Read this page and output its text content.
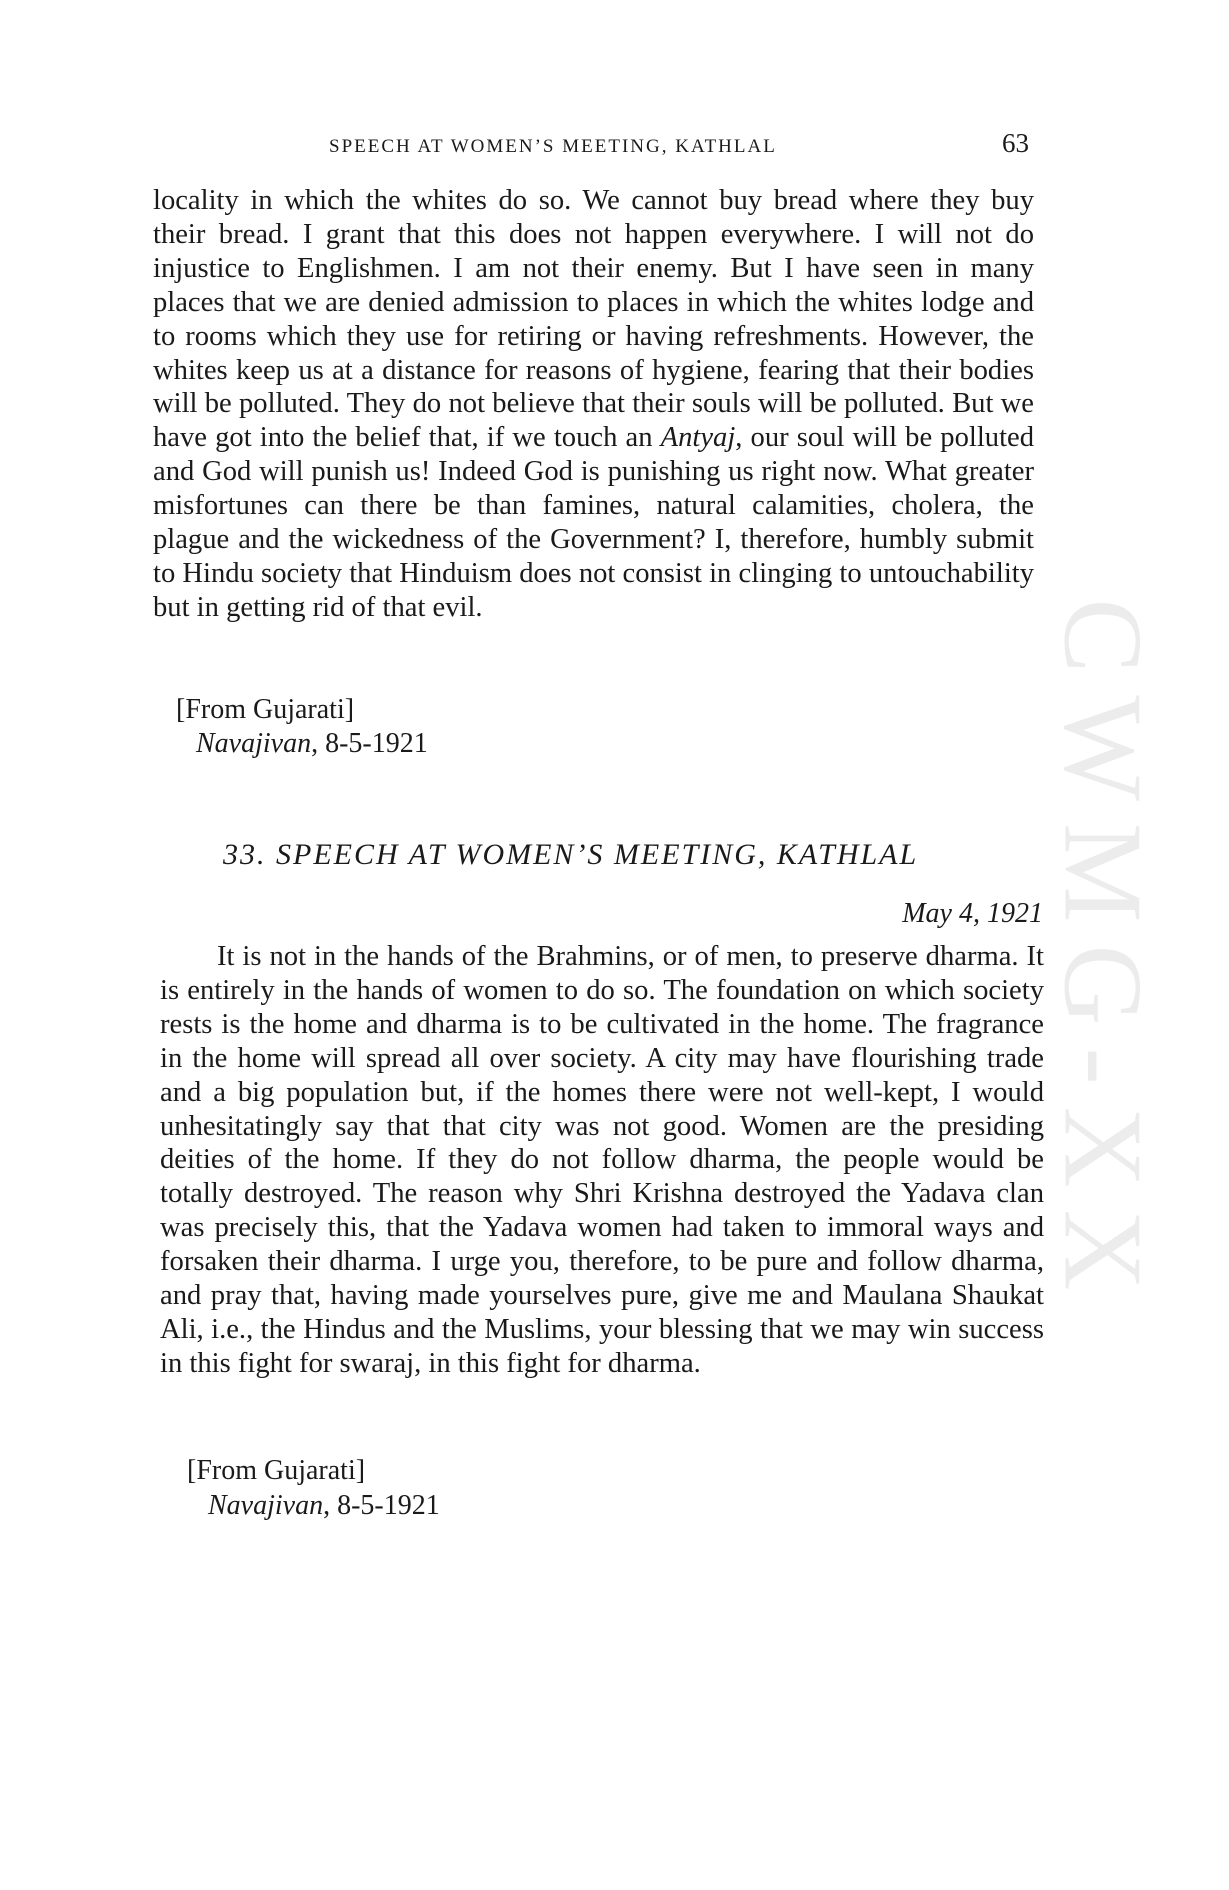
CWMG-XX
SPEECH AT WOMEN’S MEETING, KATHLAL	63

locality in which the whites do so. We cannot buy bread where they buy their bread. I grant that this does not happen everywhere. I will not do injustice to Englishmen. I am not their enemy. But I have seen in many places that we are denied admission to places in which the whites lodge and to rooms which they use for retiring or having refreshments. However, the whites keep us at a distance for reasons of hygiene, fearing that their bodies will be polluted. They do not believe that their souls will be polluted. But we have got into the belief that, if we touch an Antyaj, our soul will be polluted and God will punish us! Indeed God is punishing us right now. What greater misfortunes can there be than famines, natural calamities, cholera, the plague and the wickedness of the Government? I, therefore, humbly submit to Hindu society that Hinduism does not consist in clinging to untouchability but in getting rid of that evil.

[From Gujarati]
Navajivan, 8-5-1921
33. SPEECH AT WOMEN’S MEETING, KATHLAL
May 4, 1921

It is not in the hands of the Brahmins, or of men, to preserve dharma. It is entirely in the hands of women to do so. The foundation on which society rests is the home and dharma is to be cultivated in the home. The fragrance in the home will spread all over society. A city may have flourishing trade and a big population but, if the homes there were not well-kept, I would unhesitatingly say that that city was not good. Women are the presiding deities of the home. If they do not follow dharma, the people would be totally destroyed. The reason why Shri Krishna destroyed the Yadava clan was precisely this, that the Yadava women had taken to immoral ways and forsaken their dharma. I urge you, therefore, to be pure and follow dharma, and pray that, having made yourselves pure, give me and Maulana Shaukat Ali, i.e., the Hindus and the Muslims, your blessing that we may win success in this fight for swaraj, in this fight for dharma.

[From Gujarati]
Navajivan, 8-5-1921
